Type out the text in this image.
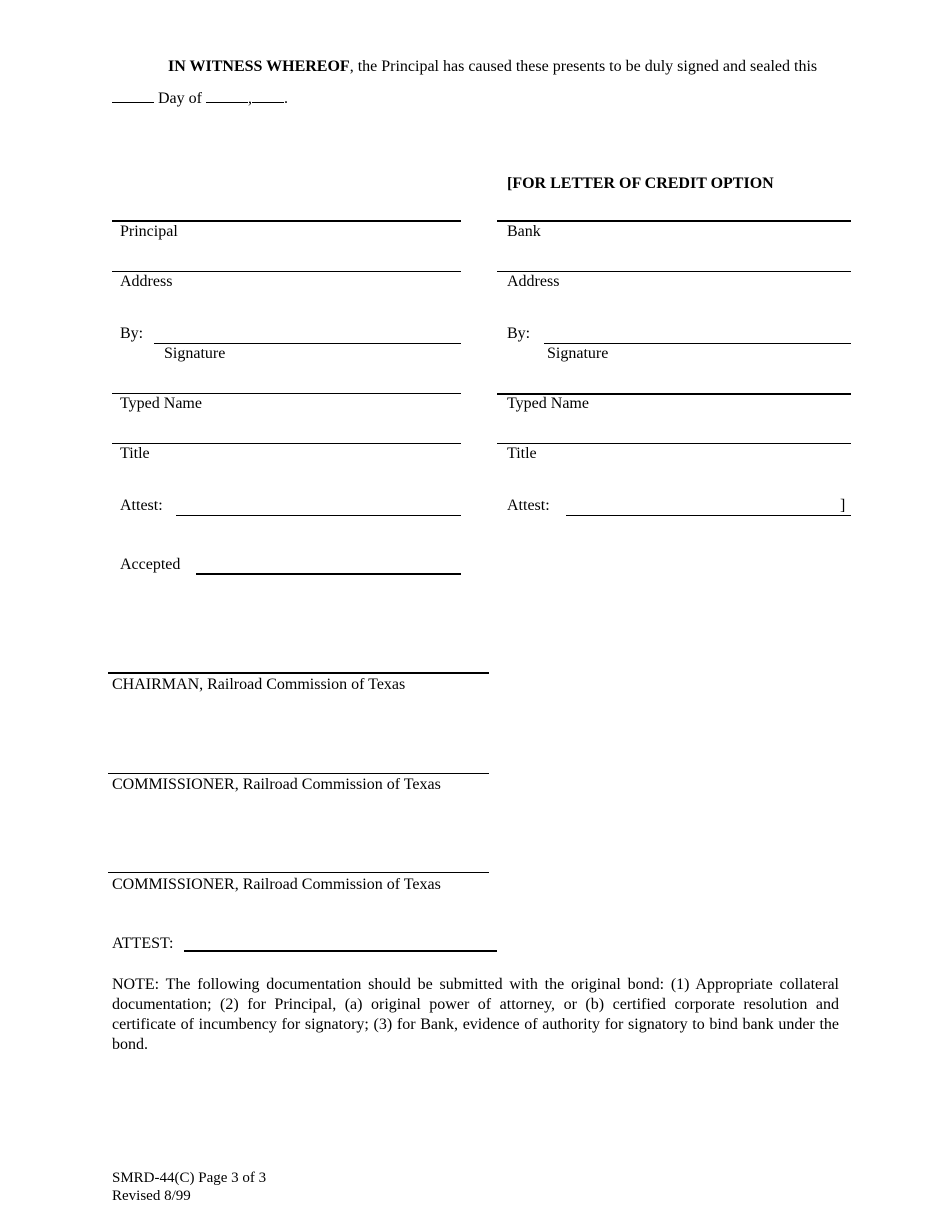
IN WITNESS WHEREOF, the Principal has caused these presents to be duly signed and sealed this
Day of	, .
[FOR LETTER OF CREDIT OPTION
Principal
Address
By:
Signature
Typed Name
Title
Attest:
Accepted
Bank
Address
By:
Signature
Typed Name
Title
Attest:	]
CHAIRMAN, Railroad Commission of Texas
COMMISSIONER, Railroad Commission of Texas
COMMISSIONER, Railroad Commission of Texas
ATTEST:
NOTE: The following documentation should be submitted with the original bond: (1) Appropriate collateral documentation; (2) for Principal, (a) original power of attorney, or (b) certified corporate resolution and certificate of incumbency for signatory; (3) for Bank, evidence of authority for signatory to bind bank under the bond.
SMRD-44(C) Page 3 of 3
Revised 8/99
